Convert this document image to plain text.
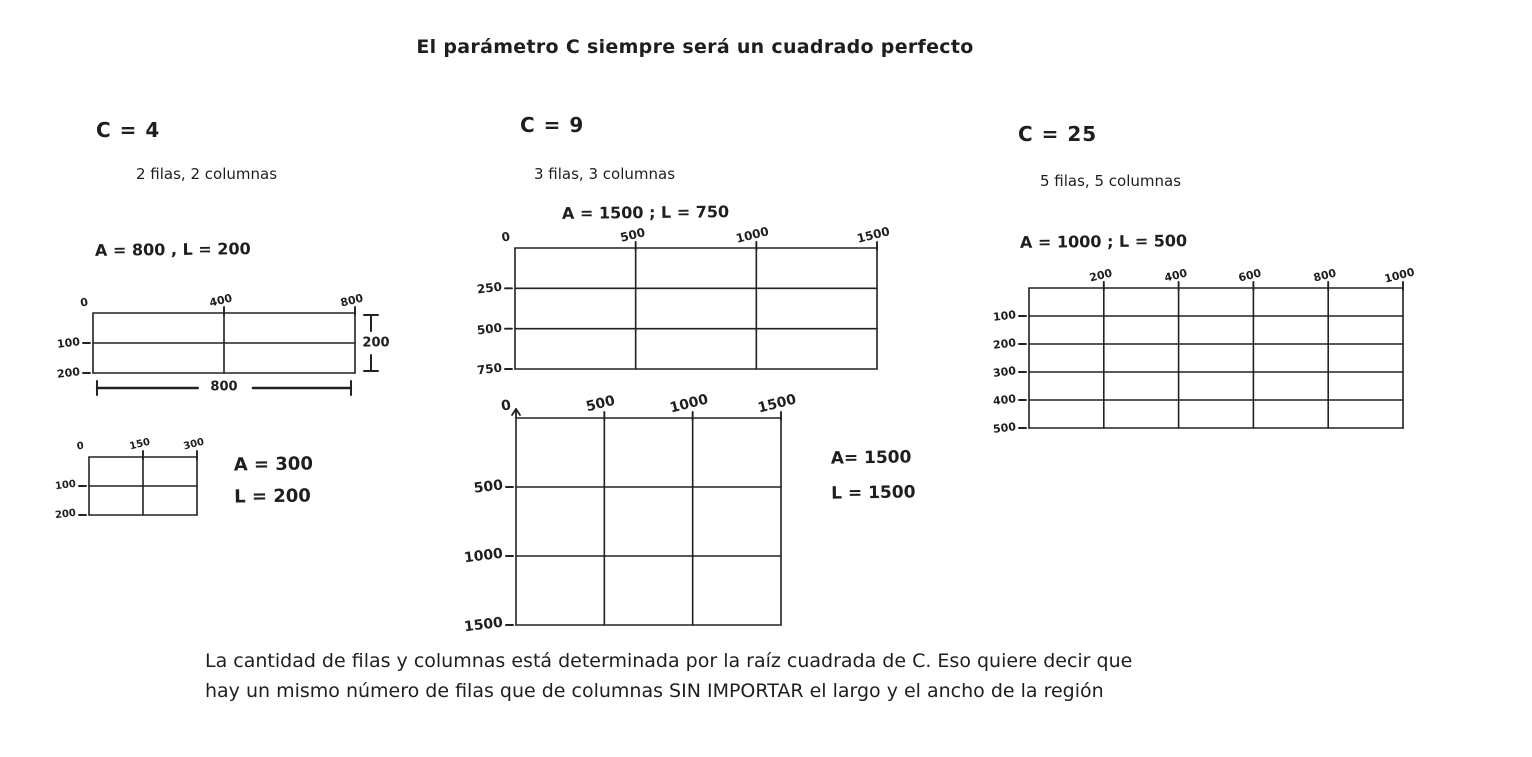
El parámetro C siempre será un cuadrado perfecto
C = 4
2 filas, 2 columnas
A = 800 , L = 200
C = 9
3 filas, 3 columnas
A = 1500 ; L = 750
C = 25
5 filas, 5 columnas
A = 1000 ; L = 500
A = 300
L = 200
A= 1500
L = 1500
0	400	800
100
200
200
800
0	150	300
100
200
0	500	1000	1500
250
500
750
0	500	1000	1500
500
1000
1500
200	400	600	800	1000
100
200
300
400
500
La cantidad de filas y columnas está determinada por la raíz cuadrada de C. Eso quiere decir que
hay un mismo número de filas que de columnas SIN IMPORTAR el largo y el ancho de la región
